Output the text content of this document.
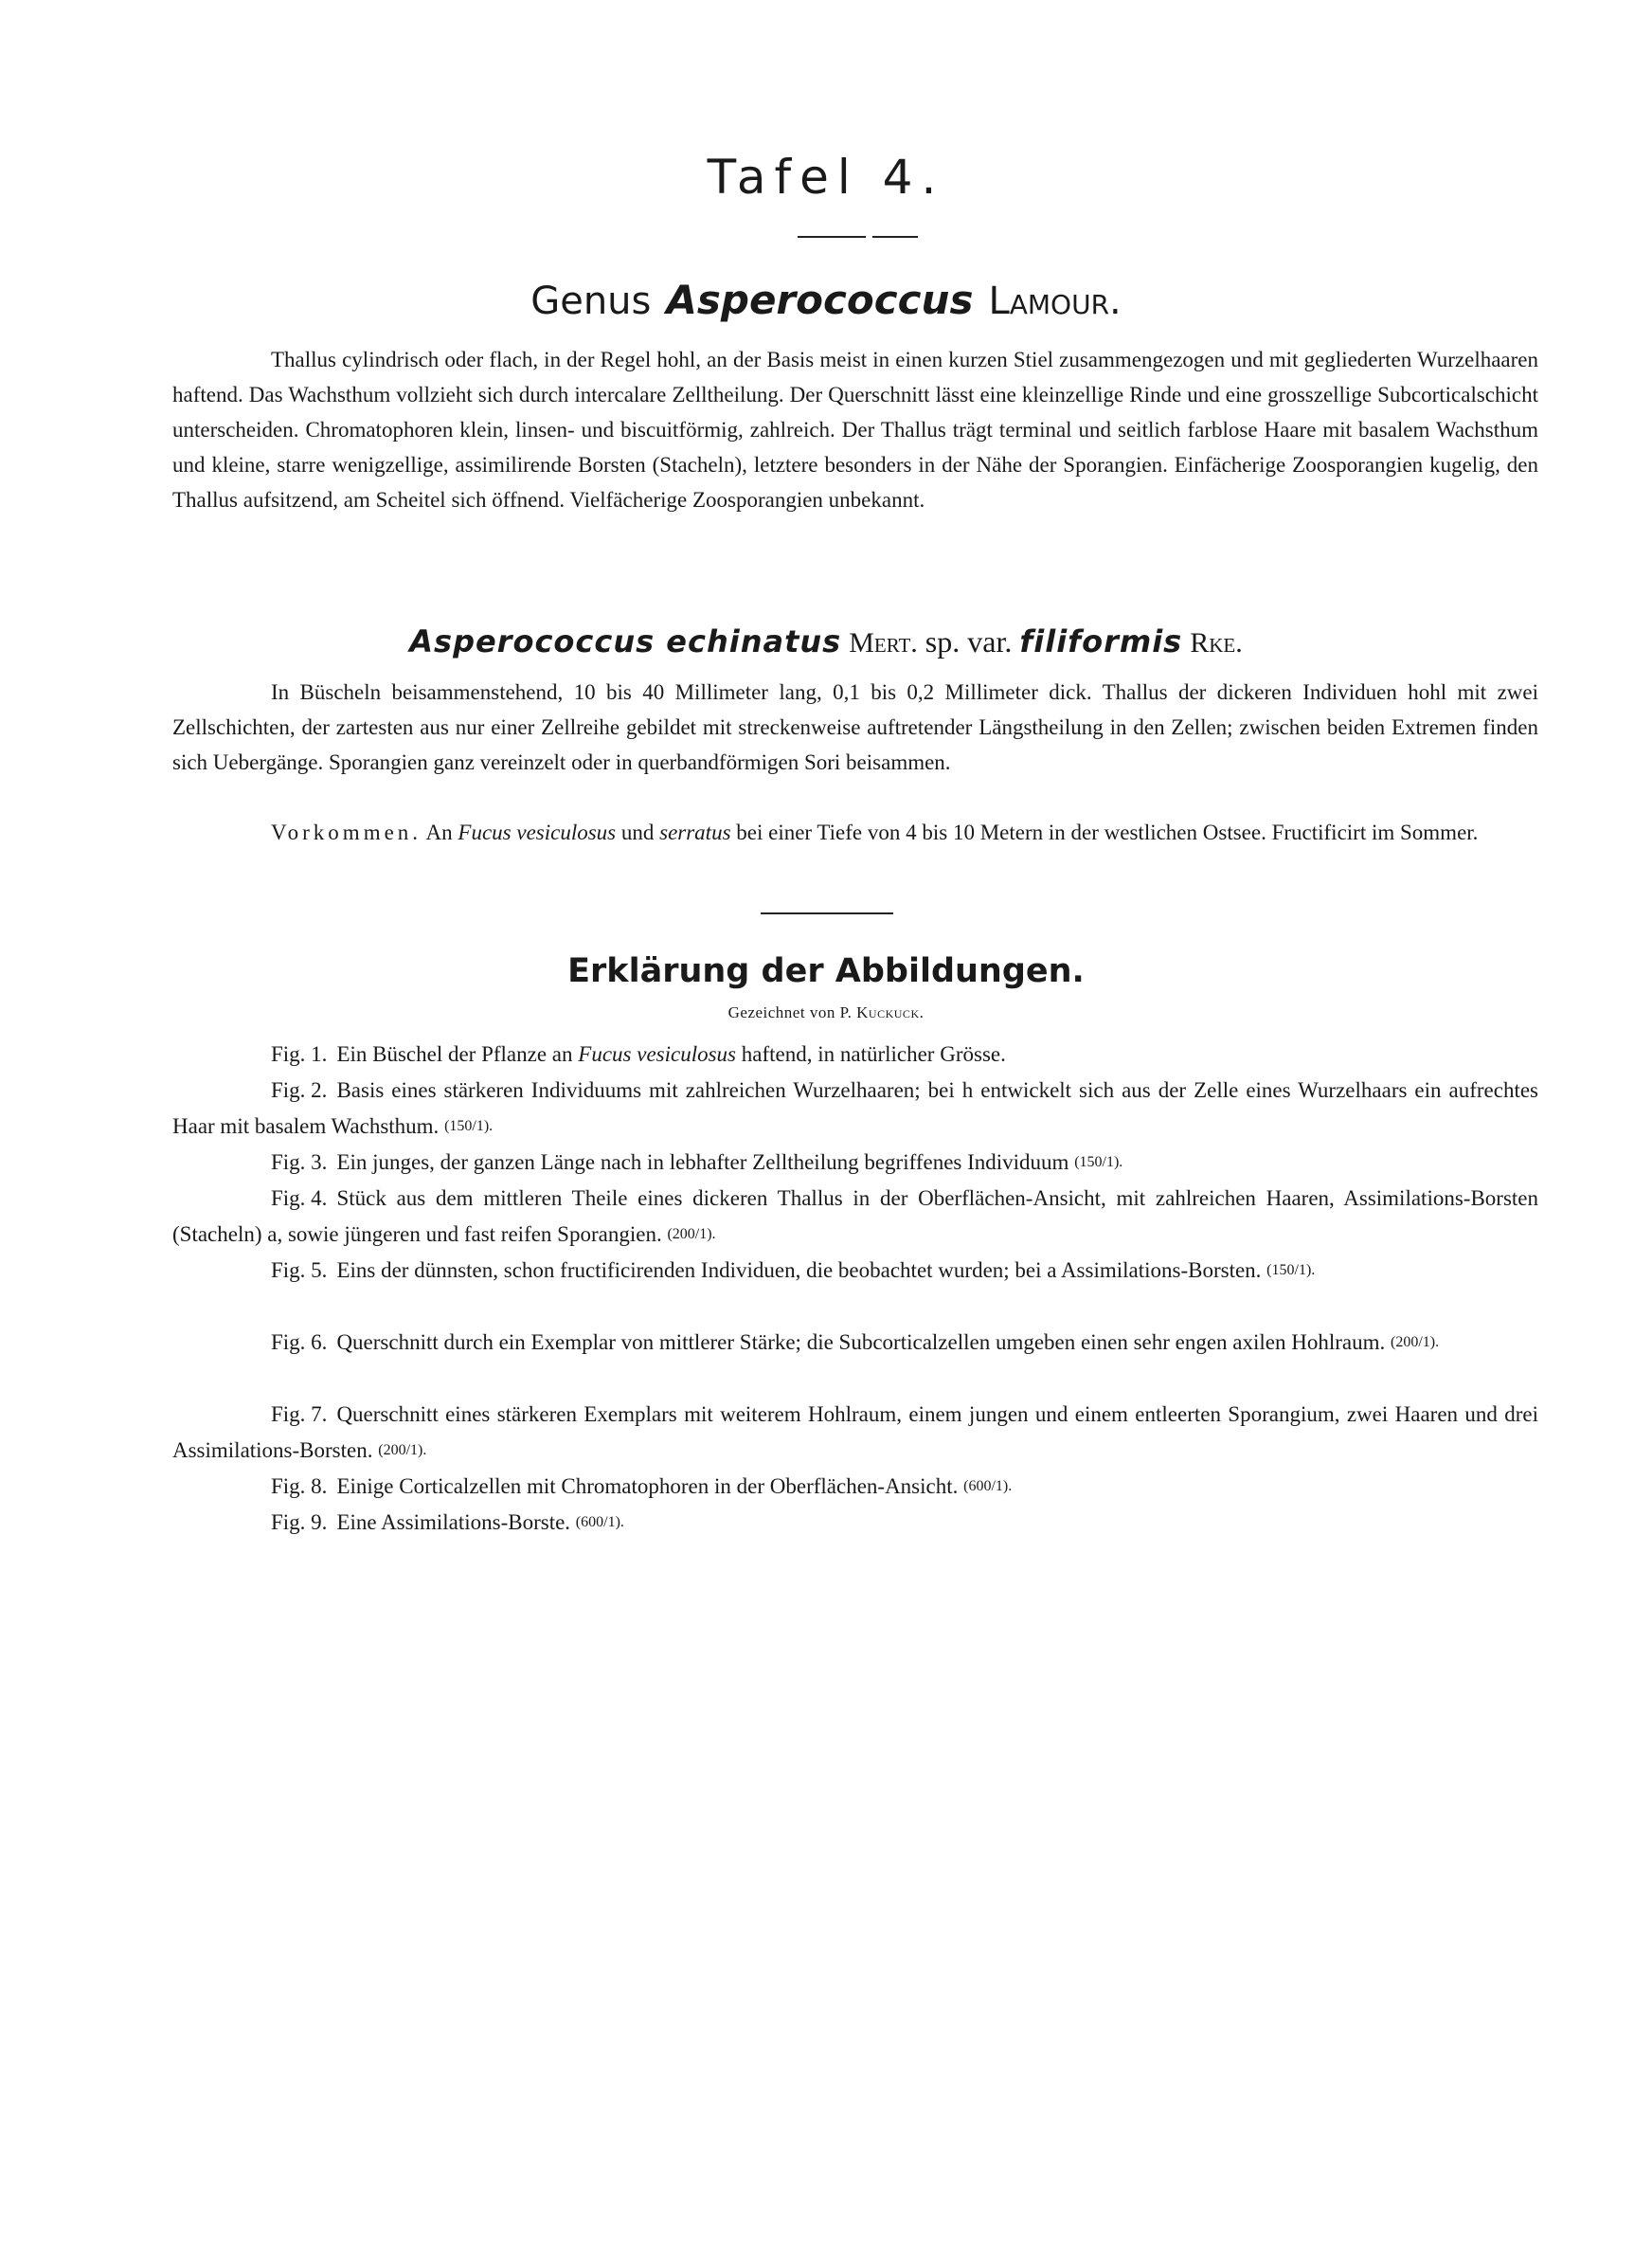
Tafel 4.
Genus Asperococcus Lamour.

Thallus cylindrisch oder flach, in der Regel hohl, an der Basis meist in einen kurzen Stiel zusammengezogen und mit gegliederten Wurzelhaaren haftend. Das Wachsthum vollzieht sich durch intercalare Zelltheilung. Der Querschnitt lässt eine kleinzellige Rinde und eine grosszellige Subcorticalschicht unterscheiden. Chromatophoren klein, linsen- und biscuitförmig, zahlreich. Der Thallus trägt terminal und seitlich farblose Haare mit basalem Wachsthum und kleine, starre wenigzellige, assimilirende Borsten (Stacheln), letztere besonders in der Nähe der Sporangien. Einfächerige Zoosporangien kugelig, den Thallus aufsitzend, am Scheitel sich öffnend. Vielfächerige Zoosporangien unbekannt.

Asperococcus echinatus Mert. sp. var. filiformis Rke.

In Büscheln beisammenstehend, 10 bis 40 Millimeter lang, 0,1 bis 0,2 Millimeter dick. Thallus der dickeren Individuen hohl mit zwei Zellschichten, der zartesten aus nur einer Zellreihe gebildet mit streckenweise auftretender Längstheilung in den Zellen; zwischen beiden Extremen finden sich Uebergänge. Sporangien ganz vereinzelt oder in querbandförmigen Sori beisammen.

Vorkommen. An Fucus vesiculosus und serratus bei einer Tiefe von 4 bis 10 Metern in der westlichen Ostsee. Fructificirt im Sommer.

Erklärung der Abbildungen.
Gezeichnet von P. Kuckuck.

Fig. 1. Ein Büschel der Pflanze an Fucus vesiculosus haftend, in natürlicher Grösse.

Fig. 2. Basis eines stärkeren Individuums mit zahlreichen Wurzelhaaren; bei h entwickelt sich aus der Zelle eines Wurzelhaars ein aufrechtes Haar mit basalem Wachsthum. (150/1).

Fig. 3. Ein junges, der ganzen Länge nach in lebhafter Zelltheilung begriffenes Individuum (150/1).

Fig. 4. Stück aus dem mittleren Theile eines dickeren Thallus in der Oberflächen-Ansicht, mit zahlreichen Haaren, Assimilations-Borsten (Stacheln) a, sowie jüngeren und fast reifen Sporangien. (200/1).

Fig. 5. Eins der dünnsten, schon fructificirenden Individuen, die beobachtet wurden; bei a Assimilations-Borsten. (150/1).

Fig. 6. Querschnitt durch ein Exemplar von mittlerer Stärke; die Subcorticalzellen umgeben einen sehr engen axilen Hohlraum. (200/1).

Fig. 7. Querschnitt eines stärkeren Exemplars mit weiterem Hohlraum, einem jungen und einem entleerten Sporangium, zwei Haaren und drei Assimilations-Borsten. (200/1).

Fig. 8. Einige Corticalzellen mit Chromatophoren in der Oberflächen-Ansicht. (600/1).

Fig. 9. Eine Assimilations-Borste. (600/1).
